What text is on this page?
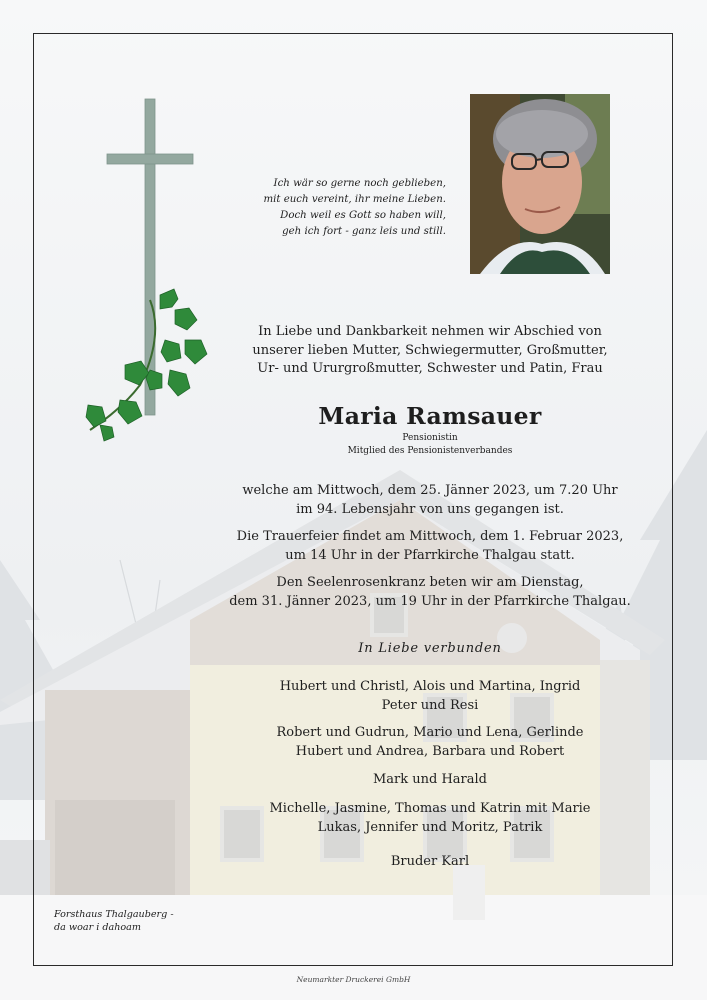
Ich wär so gerne noch geblieben,
mit euch vereint, ihr meine Lieben.
Doch weil es Gott so haben will,
geh ich fort - ganz leis und still.
In Liebe und Dankbarkeit nehmen wir Abschied von
unserer lieben Mutter, Schwiegermutter, Großmutter,
Ur- und Ururgroßmutter, Schwester und Patin, Frau
Maria Ramsauer
Pensionistin
Mitglied des Pensionistenverbandes
welche am Mittwoch, dem 25. Jänner 2023, um 7.20 Uhr
im 94. Lebensjahr von uns gegangen ist.
Die Trauerfeier findet am Mittwoch, dem 1. Februar 2023,
um 14 Uhr in der Pfarrkirche Thalgau statt.
Den Seelenrosenkranz beten wir am Dienstag,
dem 31. Jänner 2023, um 19 Uhr in der Pfarrkirche Thalgau.
In Liebe verbunden
Hubert und Christl, Alois und Martina, Ingrid
Peter und Resi
Robert und Gudrun, Mario und Lena, Gerlinde
Hubert und Andrea, Barbara und Robert
Mark und Harald
Michelle, Jasmine, Thomas und Katrin mit Marie
Lukas, Jennifer und Moritz, Patrik
Bruder Karl
Forsthaus Thalgauberg -
da woar i dahoam
Neumarkter Druckerei GmbH
